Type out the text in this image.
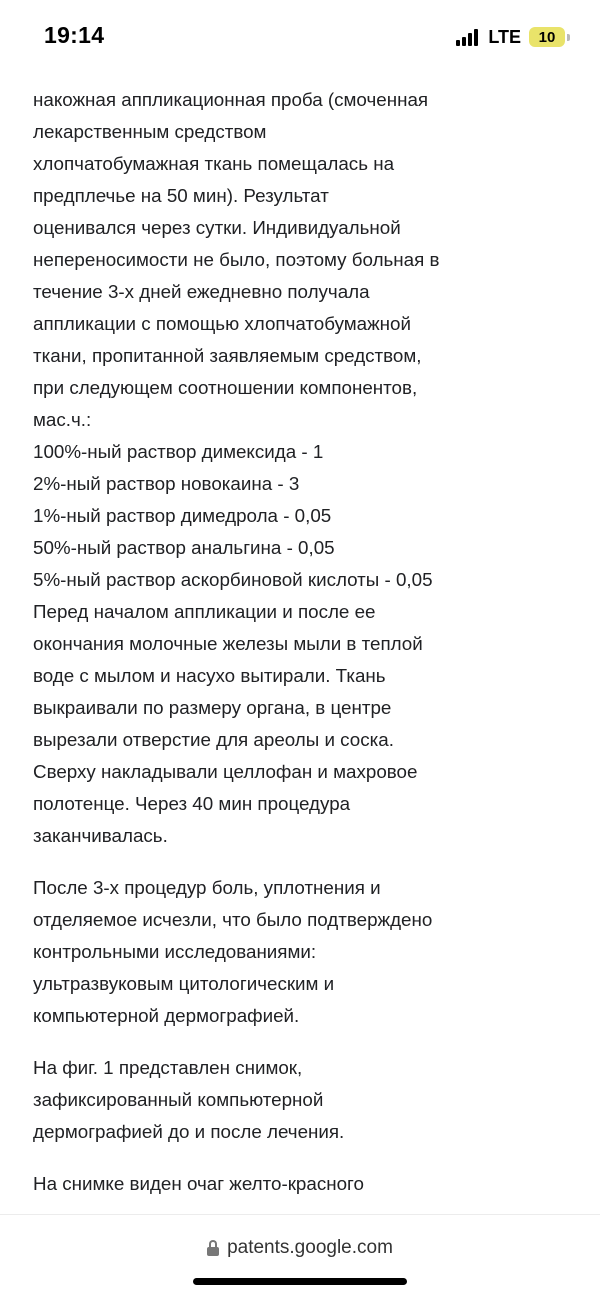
19:14	LTE 10
накожная аппликационная проба (смоченная
лекарственным средством
хлопчатобумажная ткань помещалась на
предплечье на 50 мин). Результат
оценивался через сутки. Индивидуальной
непереносимости не было, поэтому больная в
течение 3-х дней ежедневно получала
аппликации с помощью хлопчатобумажной
ткани, пропитанной заявляемым средством,
при следующем соотношении компонентов,
мас.ч.:
100%-ный раствор димексида - 1
2%-ный раствор новокаина - 3
1%-ный раствор димедрола - 0,05
50%-ный раствор анальгина - 0,05
5%-ный раствор аскорбиновой кислоты - 0,05
Перед началом аппликации и после ее
окончания молочные железы мыли в теплой
воде с мылом и насухо вытирали. Ткань
выкраивали по размеру органа, в центре
вырезали отверстие для ареолы и соска.
Сверху накладывали целлофан и махровое
полотенце. Через 40 мин процедура
заканчивалась.
После 3-х процедур боль, уплотнения и
отделяемое исчезли, что было подтверждено
контрольными исследованиями:
ультразвуковым цитологическим и
компьютерной дермографией.
На фиг. 1 представлен снимок,
зафиксированный компьютерной
дермографией до и после лечения.
На снимке виден очаг желто-красного
patents.google.com
